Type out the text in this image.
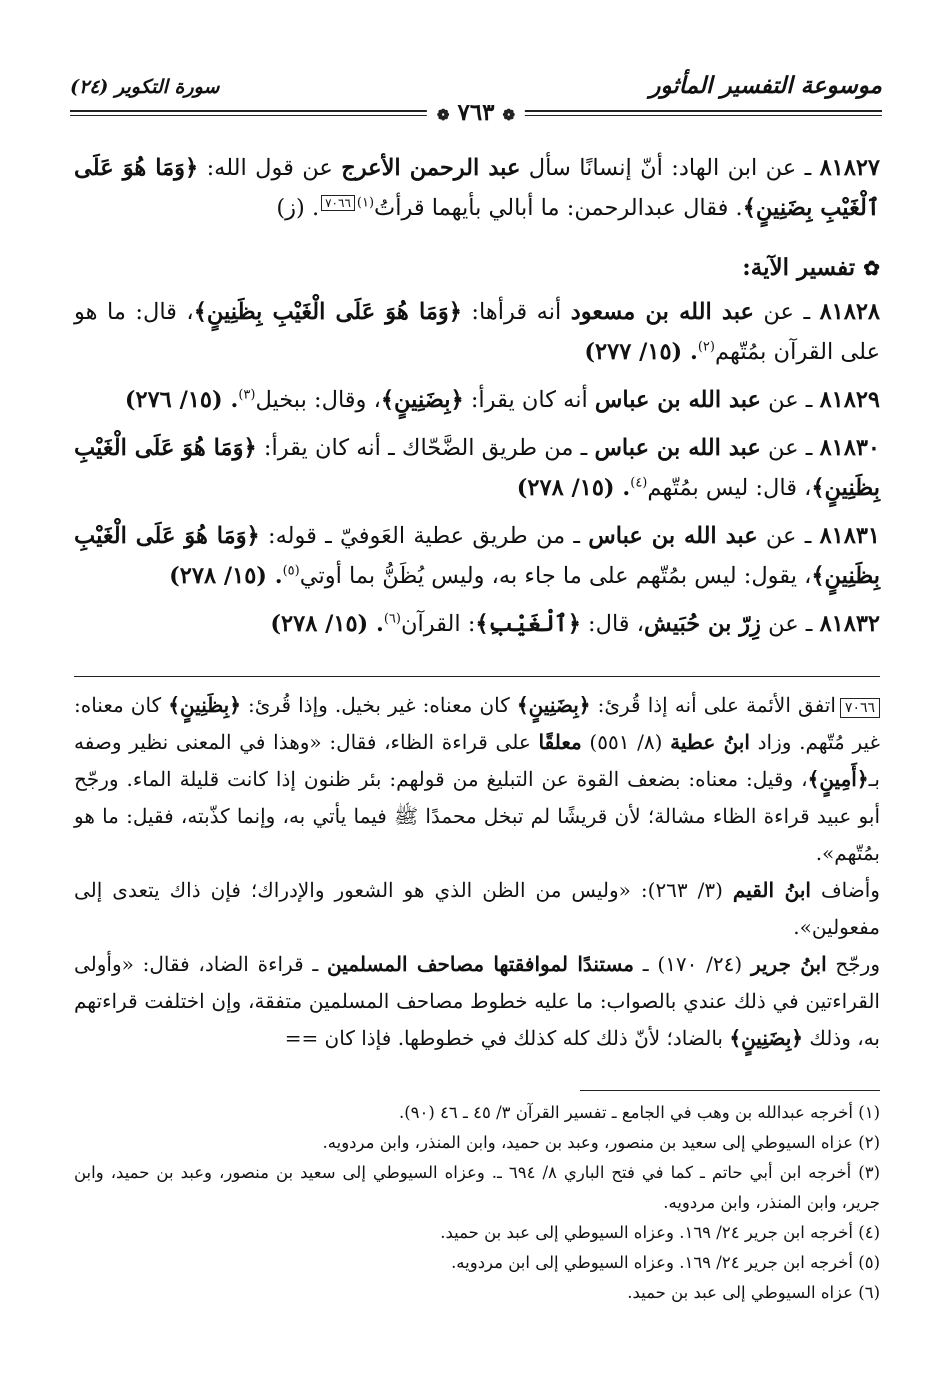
موسوعة التفسير المأثور
سورة التكوير (٢٤)
❁ ٧٦٣ ❁

٨١٨٢٧ ـ عن ابن الهاد: أنّ إنسانًا سأل عبد الرحمن الأعرج عن قول الله: ﴿وَمَا هُوَ عَلَى ٱلْغَيْبِ بِضَنِينٍ﴾. فقال عبدالرحمن: ما أبالي بأيهما قرأتُ$^{(١)}$٧٠٦٦. (ز)

✿ تفسير الآية:

٨١٨٢٨ ـ عن عبد الله بن مسعود أنه قرأها: ﴿وَمَا هُوَ عَلَى الْغَيْبِ بِظَنِينٍ﴾، قال: ما هو على القرآن بمُتّهم$^{(٢)}$. (١٥/ ٢٧٧)

٨١٨٢٩ ـ عن عبد الله بن عباس أنه كان يقرأ: ﴿بِضَنِينٍ﴾، وقال: ببخيل$^{(٣)}$. (١٥/ ٢٧٦)

٨١٨٣٠ ـ عن عبد الله بن عباس ـ من طريق الضَّحّاك ـ أنه كان يقرأ: ﴿وَمَا هُوَ عَلَى الْغَيْبِ بِظَنِينٍ﴾، قال: ليس بمُتّهم$^{(٤)}$. (١٥/ ٢٧٨)

٨١٨٣١ ـ عن عبد الله بن عباس ـ من طريق عطية العَوفيّ ـ قوله: ﴿وَمَا هُوَ عَلَى الْغَيْبِ بِظَنِينٍ﴾، يقول: ليس بمُتّهم على ما جاء به، وليس يُظَنُّ بما أوتي$^{(٥)}$. (١٥/ ٢٧٨)

٨١٨٣٢ ـ عن زِرّ بن حُبَيش، قال: ﴿ٱلْغَيْبِ﴾: القرآن$^{(٦)}$. (١٥/ ٢٧٨)

٧٠٦٦اتفق الأئمة على أنه إذا قُرئ: ﴿بِضَنِينٍ﴾ كان معناه: غير بخيل. وإذا قُرئ: ﴿بِظَنِينٍ﴾ كان معناه: غير مُتّهم. وزاد ابنُ عطية (٨/ ٥٥١) معلقًا على قراءة الظاء، فقال: «وهذا في المعنى نظير وصفه بـ﴿أَمِينٍ﴾، وقيل: معناه: بضعف القوة عن التبليغ من قولهم: بئر ظنون إذا كانت قليلة الماء. ورجّح أبو عبيد قراءة الظاء مشالة؛ لأن قريشًا لم تبخل محمدًا ﷺ فيما يأتي به، وإنما كذّبته، فقيل: ما هو بمُتّهم».

وأضاف ابنُ القيم (٣/ ٢٦٣): «وليس من الظن الذي هو الشعور والإدراك؛ فإن ذاك يتعدى إلى مفعولين».

ورجّح ابنُ جرير (٢٤/ ١٧٠) ـ مستندًا لموافقتها مصاحف المسلمين ـ قراءة الضاد، فقال: «وأولى القراءتين في ذلك عندي بالصواب: ما عليه خطوط مصاحف المسلمين متفقة، وإن اختلفت قراءتهم به، وذلك ﴿بِضَنِينٍ﴾ بالضاد؛ لأنّ ذلك كله كذلك في خطوطها. فإذا كان ==

(١) أخرجه عبدالله بن وهب في الجامع ـ تفسير القرآن ٣/ ٤٥ ـ ٤٦ (٩٠).

(٢) عزاه السيوطي إلى سعيد بن منصور، وعبد بن حميد، وابن المنذر، وابن مردويه.

(٣) أخرجه ابن أبي حاتم ـ كما في فتح الباري ٨/ ٦٩٤ ـ. وعزاه السيوطي إلى سعيد بن منصور، وعبد بن حميد، وابن جرير، وابن المنذر، وابن مردويه.

(٤) أخرجه ابن جرير ٢٤/ ١٦٩. وعزاه السيوطي إلى عبد بن حميد.

(٥) أخرجه ابن جرير ٢٤/ ١٦٩. وعزاه السيوطي إلى ابن مردويه.

(٦) عزاه السيوطي إلى عبد بن حميد.
